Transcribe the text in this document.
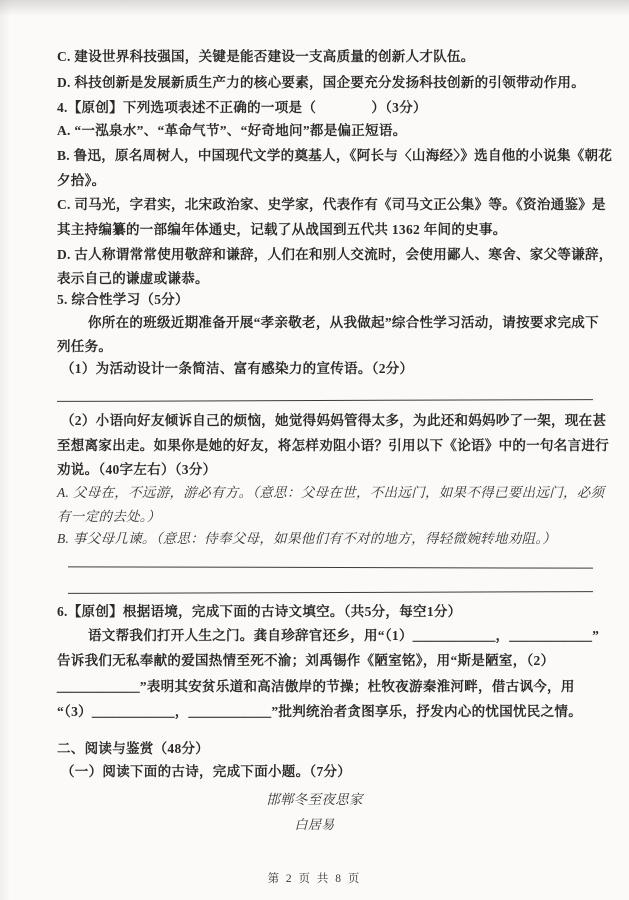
C. 建设世界科技强国，关键是能否建设一支高质量的创新人才队伍。
D. 科技创新是发展新质生产力的核心要素，国企要充分发扬科技创新的引领带动作用。
4.【原创】下列选项表述不正确的一项是（　　　　）（3分）
A. “一泓泉水”、“革命气节”、“好奇地问”都是偏正短语。
B. 鲁迅，原名周树人，中国现代文学的奠基人，《阿长与〈山海经〉》选自他的小说集《朝花
夕拾》。
C. 司马光，字君实，北宋政治家、史学家，代表作有《司马文正公集》等。《资治通鉴》是
其主持编纂的一部编年体通史，记载了从战国到五代共 1362 年间的史事。
D. 古人称谓常常使用敬辞和谦辞，人们在和别人交流时，会使用鄙人、寒舍、家父等谦辞，
表示自己的谦虚或谦恭。
5. 综合性学习（5分）
你所在的班级近期准备开展“孝亲敬老，从我做起”综合性学习活动，请按要求完成下
列任务。
（1）为活动设计一条简洁、富有感染力的宣传语。（2分）
（2）小语向好友倾诉自己的烦恼，她觉得妈妈管得太多，为此还和妈妈吵了一架，现在甚
至想离家出走。如果你是她的好友，将怎样劝阻小语？引用以下《论语》中的一句名言进行
劝说。（40字左右）（3分）
A. 父母在，不远游，游必有方。（意思：父母在世，不出远门，如果不得已要出远门，必须
有一定的去处。）
B. 事父母几谏。（意思：侍奉父母，如果他们有不对的地方，得轻微婉转地劝阻。）
6.【原创】根据语境，完成下面的古诗文填空。（共5分，每空1分）
语文帮我们打开人生之门。龚自珍辞官还乡，用“（1）＿＿＿＿＿＿，＿＿＿＿＿＿”
告诉我们无私奉献的爱国热情至死不渝；刘禹锡作《陋室铭》，用“斯是陋室，（2）
＿＿＿＿＿＿”表明其安贫乐道和高洁傲岸的节操；杜牧夜游秦淮河畔，借古讽今，用
“（3）＿＿＿＿＿＿，＿＿＿＿＿＿”批判统治者贪图享乐，抒发内心的忧国忧民之情。
二、阅读与鉴赏（48分）
（一）阅读下面的古诗，完成下面小题。（7分）
邯郸冬至夜思家
白居易
第 2 页 共 8 页
